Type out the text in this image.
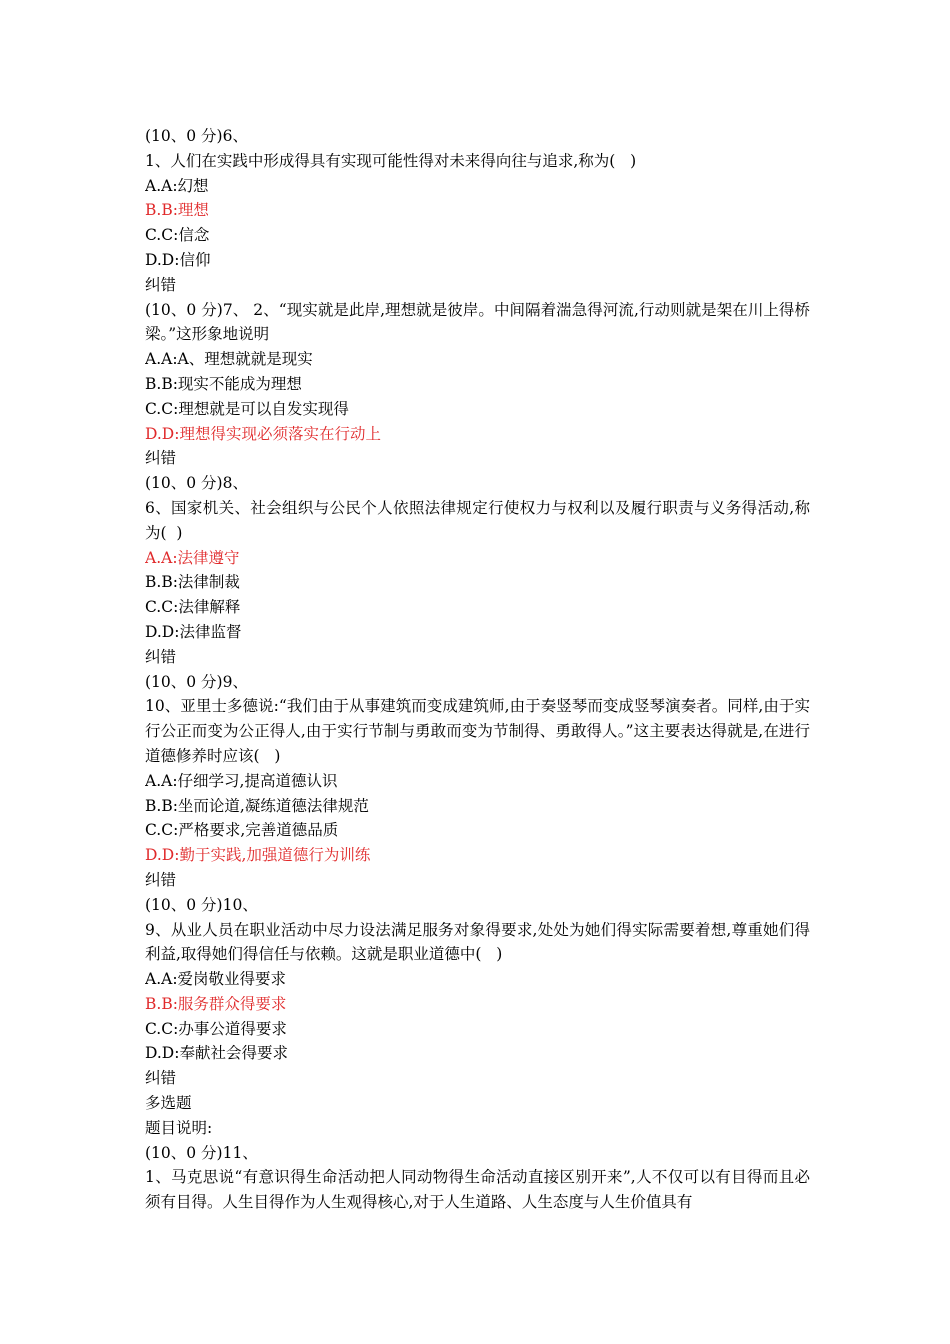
(10、0 分)6、
1、人们在实践中形成得具有实现可能性得对未来得向往与追求,称为(   )
A.A:幻想
B.B:理想
C.C:信念
D.D:信仰
纠错
(10、0 分)7、 2、“现实就是此岸,理想就是彼岸。中间隔着湍急得河流,行动则就是架在川上得桥梁。”这形象地说明
A.A:A、理想就就是现实
B.B:现实不能成为理想
C.C:理想就是可以自发实现得
D.D:理想得实现必须落实在行动上
纠错
(10、0 分)8、
6、国家机关、社会组织与公民个人依照法律规定行使权力与权利以及履行职责与义务得活动,称为(  )
A.A:法律遵守
B.B:法律制裁
C.C:法律解释
D.D:法律监督
纠错
(10、0 分)9、
10、亚里士多德说:“我们由于从事建筑而变成建筑师,由于奏竖琴而变成竖琴演奏者。同样,由于实行公正而变为公正得人,由于实行节制与勇敢而变为节制得、勇敢得人。”这主要表达得就是,在进行道德修养时应该(   )
A.A:仔细学习,提高道德认识
B.B:坐而论道,凝练道德法律规范
C.C:严格要求,完善道德品质
D.D:勤于实践,加强道德行为训练
纠错
(10、0 分)10、
9、从业人员在职业活动中尽力设法满足服务对象得要求,处处为她们得实际需要着想,尊重她们得利益,取得她们得信任与依赖。这就是职业道德中(   )
A.A:爱岗敬业得要求
B.B:服务群众得要求
C.C:办事公道得要求
D.D:奉献社会得要求
纠错
多选题
题目说明:
(10、0 分)11、
1、马克思说“有意识得生命活动把人同动物得生命活动直接区别开来”,人不仅可以有目得而且必须有目得。人生目得作为人生观得核心,对于人生道路、人生态度与人生价值具有
